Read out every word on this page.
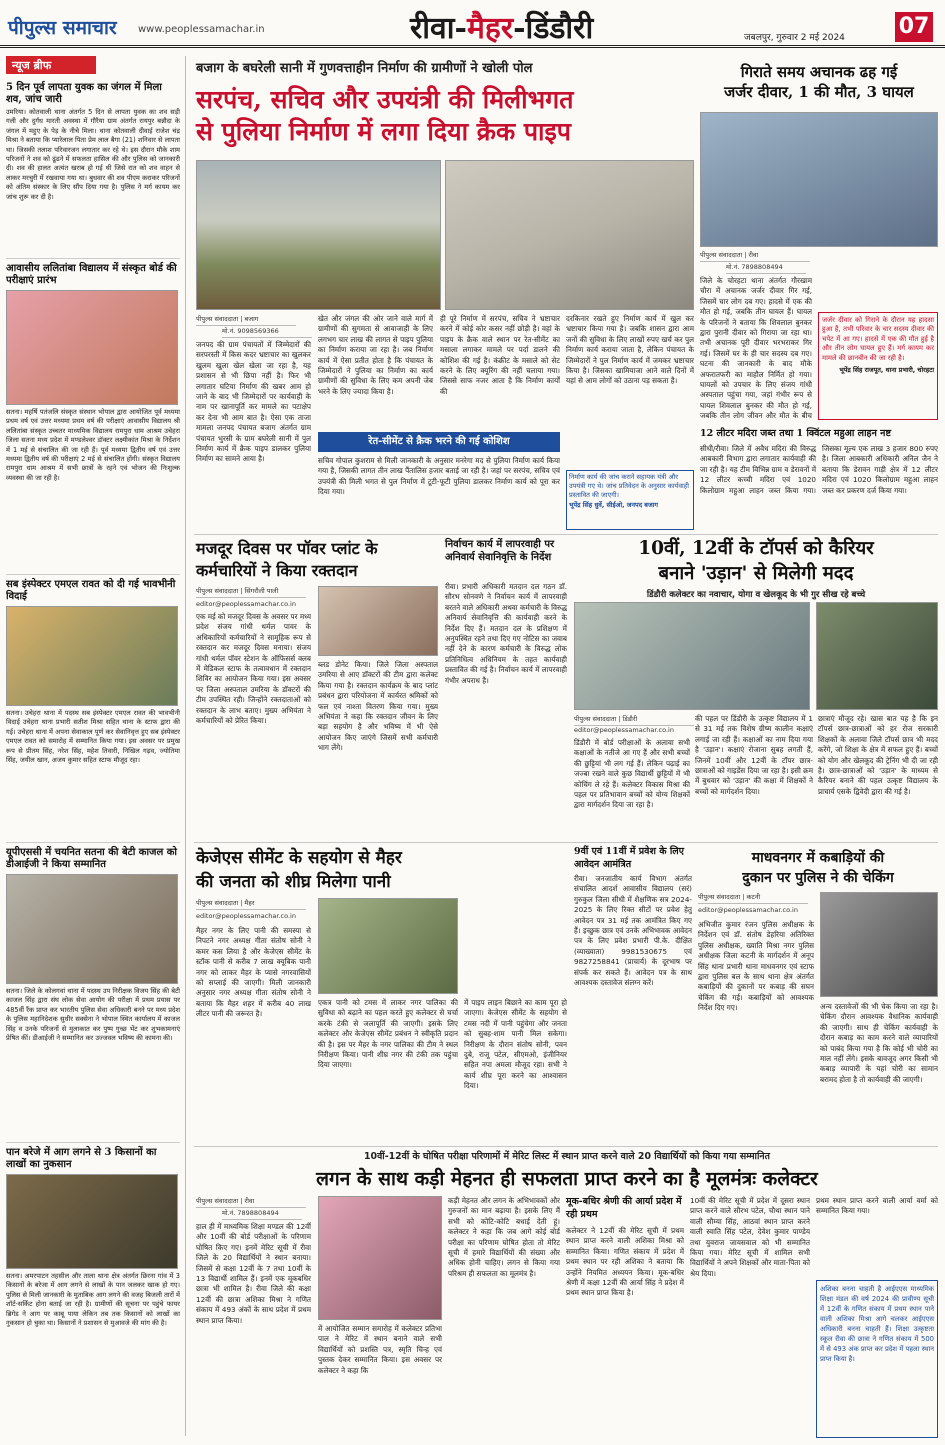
पीपुल्स समाचार www.peoplessamachar.in	रीवा-मैहर-डिंडौरी	जबलपुर, गुरुवार 2 मई 2024 07
न्यूज ब्रीफ
5 दिन पूर्व लापता युवक का जंगल में मिला शव, जांच जारी
उमरिया। कोतवाली थाना अंतर्गत 5 दिन से लापता युवक का शव सड़ी गली और दुर्गंध मारती अवस्था में गौरैया ग्राम अंतर्गत रायपुर बन्नौदा के जंगल में महुए के पेड़ के नीचे मिला। थाना कोतवाली दीवाई राजेश चंद्र मिश्रा ने बताया कि प्यारेलाल पिता प्रेम लाल बैगा (21) शनिवार से लापता था। जिसकी तलाश परिवारजन लगातार कर रहे थे। इस दौरान मौके शाम परिजनों ने शव को ढूंढने में सफलता हासिल की और पुलिस को जानकारी दी। शव की हालत अत्यंत खराब हो गई थी जिसे रात को शव वाहन से लाकर मरचुरी में रखवाया गया था। बुधवार की शव पीएम कराकर परिजनों को अंतिम संस्कार के लिए सौंप दिया गया है। पुलिस ने मर्ग कायम कर जांच शुरू कर दी है।
आवासीय ललितांबा विद्यालय में संस्कृत बोर्ड की परीक्षाएं प्रारंभ
सतना। महर्षि पतंजलि संस्कृत संस्थान भोपाल द्वारा आयोजित पूर्व मध्यमा प्रथम वर्ष एवं उत्तर मध्यमा प्रथम वर्ष की परीक्षाएं आवासीय विद्यालय श्री ललितांबा संस्कृत उच्चतर माध्यमिक विद्यालय रामपुरा धाम आश्रम उचेहरा जिला सतना मध्य प्रदेश में मण्डलेश्वर डॉक्टर लक्ष्मीकांत मिश्रा के निर्देशन में 1 मई से संचालित की जा रही हैं। पूर्व मध्यमा द्वितीय वर्ष एवं उत्तर मध्यमा द्वितीय वर्ष की परीक्षाएं 2 मई से संचालित होंगी। संस्कृत विद्यालय रामपुरा धाम आश्रम में सभी छात्रों के रहने एवं भोजन की निःशुल्क व्यवस्था की जा रही है।
सब इंस्पेक्टर एमएल रावत को दी गई भावभीनी विदाई
सतना। उचेहरा थाना में पदस्थ सब इंस्पेक्टर एमएल रावत की भावभीनी विदाई उचेहरा थाना प्रभारी सतीश मिश्रा सहित थाना के स्टाफ द्वारा की गई। उचेहरा थाना में अपना सेवाकाल पूर्ण कर सेवानिवृत्त हुए सब इंस्पेक्टर एमएल रावत को समारोह में सम्मानित किया गया। इस अवसर पर प्रमुख रूप से प्रीतम सिंह, नरेश सिंह, महेश तिवारी, निखिल गढ़व, ज्योतिमा सिंह, जयील खान, अजय कुमार सहित स्टाफ मौजूद रहा।
यूपीएससी में चयनित सतना की बेटी काजल को डीआईजी ने किया सम्मानित
सतना। जिले के कोलगवां थाना में पदस्थ उप निरीक्षक विजय सिंह की बेटी काजल सिंह द्वारा संघ लोक सेवा आयोग की परीक्षा में प्रथम प्रयास पर 485वीं रैंक प्राप्त कर भारतीय पुलिस सेवा अधिकारी बनने पर मध्य प्रदेश के पुलिस महानिदेशक सुधीर सक्सेना ने भोपाल स्थित कार्यालय में काजल सिंह व उनके परिजनों से मुलाकात कर पुष्प गुच्छ भेंट कर शुभकामनाएं प्रेषित कीं। डीआईजी ने सम्मानित कर उज्जवल भविष्य की कामना की।
पान बरेजे में आग लगने से 3 किसानों का लाखों का नुकसान
सतना। अमरपाटन तहसील और ताला थाना क्षेत्र अंतर्गत छिरना गांव में 3 किसानों के बरेजा में आग लगने से लाखों के पान जलकर खाक हो गए। पुलिस से मिली जानकारी के मुताबिक आग लगने की वजह बिजली तारों में शॉर्ट-सर्किट होना बताई जा रही है। ग्रामीणों की सूचना पर पहुंचे फायर ब्रिगेड ने आग पर काबू पाया लेकिन तब तक किसानों को लाखों का नुकसान हो चुका था। किसानों ने प्रशासन से मुआवजे की मांग की है।
बजाग के बघरेली सानी में गुणवत्ताहीन निर्माण की ग्रामीणों ने खोली पोल
सरपंच, सचिव और उपयंत्री की मिलीभगत
से पुलिया निर्माण में लगा दिया क्रैक पाइप
पीपुल्स संवाददाता | बजाग
मो.नं. 9098569366
जनपद की ग्राम पंचायतों में जिम्मेदारों की सरपरस्ती में किस कदर भ्रष्टाचार का खुलकर खुलम खुला खेल खेला जा रहा है, यह प्रशासन से भी छिपा नहीं है। फिर भी लगातार घटिया निर्माण की खबर आम हो जाने के बाद भी जिम्मेदारों पर कार्यवाही के नाम पर खानापूर्ति कर मामले का पटाक्षेप कर देना भी आम बात है। ऐसा एक ताजा मामला जनपद पंचायत बजाग अंतर्गत ग्राम पंचायत भुरसी के ग्राम बघरेली सानी में पुल निर्माण कार्य में क्रैक पाइप डालकर पुलिया निर्माण का सामने आया है।
खेत और जंगल की ओर जाने वाले मार्ग में ग्रामीणों की सुगमता से आवाजाही के लिए लगभग चार लाख की लागत से पाइप पुलिया का निर्माण कराया जा रहा है। जब निर्माण कार्य में ऐसा प्रतीत होता है कि पंचायत के जिम्मेदारों ने पुलिया का निर्माण का कार्य ग्रामीणों की सुविधा के लिए कम अपनी जेब भरने के लिए ज्यादा किया है।
ही पूरे निर्माण में सरपंच, सचिव ने भ्रष्टाचार करने में कोई कोर कसर नहीं छोड़ी है। वहां के पाइप के क्रैक वाले स्थान पर रेत-सीमेंट का मसाला लगाकर मामले पर पर्दा डालने की कोशिश की गई है। कंक्रीट के मसाले को सेट करने के लिए क्यूरिंग की नहीं चलाया गया। जिससे साफ नजर आता है कि निर्माण कार्यों की
दरकिनार रखते हुए निर्माण कार्य में खुल कर भ्रष्टाचार किया गया है। जबकि शासन द्वारा आम जनों की सुविधा के लिए लाखों रुपए खर्च कर पुल निर्माण कार्य कराया जाता है, लेकिन पंचायत के जिम्मेदारों ने पुल निर्माण कार्य में जमकर भ्रष्टाचार किया है। जिसका खामियाजा आने वाले दिनों में यहां से आम लोगों को उठाना पड़ सकता है।
रेत-सीमेंट से क्रैक भरने की गई कोशिश
सचिव गोपाल कुशराम से मिली जानकारी के अनुसार मनरेगा मद से पुलिया निर्माण कार्य किया गया है, जिसकी लागत तीन लाख पैंतालिस हजार बताई जा रही है। जहां पर सरपंच, सचिव एवं उपयंत्री की मिली भगत से पुल निर्माण में टूटी-फूटी पुलिया डालकर निर्माण कार्य को पूरा कर दिया गया।
निर्माण कार्य की जांच कराने सहायक यंत्री और उपयंत्री गए थे। जांच प्रतिवेदन के अनुसार कार्यवाही प्रस्तावित की जाएगी।
भूपेंद्र सिंह धुर्वे, सीईओ, जनपद बजाग
गिराते समय अचानक ढह गई
जर्जर दीवार, 1 की मौत, 3 घायल
पीपुल्स संवाददाता | रीवा
मो.नं. 7898808494
जिले के चोरहटा थाना अंतर्गत गौरखाम चौरा में अचानक जर्जर दीवार गिर गई, जिसमें चार लोग दब गए। हादसे में एक की मौत हो गई, जबकि तीन घायल हैं। घायल के परिजनों ने बताया कि शिवलाल बुनकर द्वारा पुरानी दीवार को गिराया जा रहा था। तभी अचानक पूरी दीवार भरभराकर गिर गई। जिसमें घर के ही चार सदस्य दब गए। घटना की जानकारी के बाद मौके अफरातफरी का माहौल निर्मित हो गया। घायलों को उपचार के लिए संजय गांधी अस्पताल पहुंचा गया, जहां गंभीर रूप से घायल शिवलाल बुनकर की मौत हो गई, जबकि तीन लोग जीवन और मौत के बीच
जर्जर दीवार को गिराने के दौरान यह हादसा हुआ है, तभी परिवार के चार सदस्य दीवार की चपेट में आ गए। हादसे में एक की मौत हुई है और तीन लोग घायल हुए हैं। मर्ग कायम कर मामले की छानबीन की जा रही है।
भूपेंद्र सिंह राजपूत, थाना प्रभारी, चोरहटा
12 लीटर मदिरा जब्त तथा 1 क्विंटल महुआ लाहन नष्ट
सीधी/रीवा। जिले में अवैध मदिरा की विरुद्ध आबकारी विभाग द्वारा लगातार कार्यवाही की जा रही है। यह टीम विभिन्न ग्राम व डेरावनों में 12 लीटर कच्ची मदिरा एवं 1020 किलोग्राम महुआ लाहन जब्त किया गया। जिसका मूल्य एक लाख 3 हजार 800 रुपए है। जिला आबकारी अधिकारी अनिल जैन ने बताया कि डेरावन गाड़ी क्षेत्र में 12 लीटर मदिरा एवं 1020 किलोग्राम महुआ लाहन जब्त कर प्रकरण दर्ज किया गया।
मजदूर दिवस पर पॉवर प्लांट के
कर्मचारियों ने किया रक्तदान
पीपुल्स संवाददाता | सिंगरौली पाली
editor@peoplessamachar.co.in
एक मई को मजदूर दिवस के अवसर पर मध्य प्रदेश संजय गांधी थर्मल पावर के अधिकारियों कर्मचारियों ने सामूहिक रूप से रक्तदान कर मजदूर दिवस मनाया। संजय गांधी थर्मल पॉवर स्टेशन के ऑफिसर्स क्लब में मेडिकल स्टाफ के तत्वावधान में रक्तदान शिविर का आयोजन किया गया। इस अवसर पर जिला अस्पताल उमरिया के डॉक्टरों की टीम उपस्थित रही। जिन्होंने रक्तदाताओं को रक्तदान के लाभ बताए। मुख्य अभियंता ने कर्मचारियों को प्रेरित किया।
ब्लड डोनेट किया। जिले जिला अस्पताल उमरिया से आए डॉक्टरों की टीम द्वारा कलेक्ट किया गया है। रक्तदान कार्यक्रम के बाद प्लांट प्रबंधन द्वारा परियोजना में कार्यरत श्रमिकों को फल एवं नाश्ता वितरण किया गया। मुख्य अभियंता ने कहा कि रक्तदान जीवन के लिए बड़ा सहयोग है और भविष्य में भी ऐसे आयोजन किए जाएंगे जिसमें सभी कर्मचारी भाग लेंगे।
निर्वाचन कार्य में लापरवाही पर अनिवार्य सेवानिवृत्ति के निर्देश
रीवा। प्रभारी अधिकारी मतदान दल गठन डॉ. सौरभ सोनवणे ने निर्वाचन कार्य में लापरवाही बरतने वाले अधिकारी अथवा कर्मचारी के विरुद्ध अनिवार्य सेवानिवृत्ति की कार्यवाही करने के निर्देश दिए हैं। मतदान दल के प्रशिक्षण में अनुपस्थित रहने तथा दिए गए नोटिस का जवाब नहीं देने के कारण कर्मचारी के विरुद्ध लोक प्रतिनिधित्व अधिनियम के तहत कार्यवाही प्रस्तावित की गई है। निर्वाचन कार्य में लापरवाही गंभीर अपराध है।
10वीं, 12वीं के टॉपर्स को कैरियर
बनाने 'उड़ान' से मिलेगी मदद
डिंडौरी कलेक्टर का नवाचार, योगा व खेलकूद के भी गुर सीख रहे बच्चे
पीपुल्स संवाददाता | डिंडौरी
editor@peoplessamachar.co.in
डिंडौरी में बोर्ड परीक्षाओं के अलावा सभी कक्षाओं के नतीजे आ गए हैं और सभी बच्चों की छुट्टियां भी लग गई हैं। लेकिन पढ़ाई का जज्बा रखने वाले कुछ विद्यार्थी छुट्टियों में भी कोचिंग ले रहे हैं। कलेक्टर विकास मिश्रा की पहल पर प्रतिभावान बच्चों को योग्य शिक्षकों द्वारा मार्गदर्शन दिया जा रहा है।
की पहल पर डिंडौरी के उत्कृष्ट विद्यालय में 1 से 31 मई तक विशेष ग्रीष्म कालीन कक्षाएं लगाई जा रही हैं। कक्षाओं का नाम दिया गया है 'उड़ान'। कक्षाएं रोजाना सुबह लगती हैं, जिनमें 10वीं और 12वीं के टॉपर छात्र-छात्राओं को गाइडेंस दिया जा रहा है। इसी क्रम में बुधवार को 'उड़ान' की कक्षा में शिक्षकों ने बच्चों को मार्गदर्शन दिया।
छात्राएं मौजूद रहे। खास बात यह है कि इन टॉपर्स छात्र-छात्राओं को हर रोज सरकारी शिक्षकों के अलावा जिले टॉपर्स छात्र भी मदद करेंगे, जो शिक्षा के क्षेत्र में सफल हुए हैं। बच्चों को योग और खेलकूद की ट्रेनिंग भी दी जा रही है। छात्र-छात्राओं को 'उड़ान' के माध्यम से कैरियर बनाने की पहल उत्कृष्ट विद्यालय के प्राचार्य एसके द्विवेदी द्वारा की गई है।
केजेएस सीमेंट के सहयोग से मैहर
की जनता को शीघ्र मिलेगा पानी
पीपुल्स संवाददाता | मैहर
editor@peoplessamachar.co.in
मैहर नगर के लिए पानी की समस्या से निपटने नगर अध्यक्ष गीता संतोष सोनी ने कमर कस लिया है और केजेएस सीमेंट के स्टॉक पानी से करीब 7 लाख क्यूबिक पानी नगर को लाकर मैहर के प्यासे नगरवासियों को सप्लाई की जाएगी। मिली जानकारी अनुसार नगर अध्यक्ष गीता संतोष सोनी ने बताया कि मैहर शहर में करीब 40 लाख लीटर पानी की जरूरत है।
एकत्र पानी को टमस में लाकर नगर पालिका की सुविधा को बढ़ाने का पहल करते हुए कलेक्टर से चर्चा करके टंकी से जलापूर्ति की जाएगी। इसके लिए कलेक्टर और केजेएस सीमेंट प्रबंधन ने स्वीकृति प्रदान की है। इस पर मैहर के नगर पालिका की टीम ने स्थल निरीक्षण किया। पानी शीघ्र नगर की टंकी तक पहुंचा दिया जाएगा।
में पाइप लाइन बिछाने का काम पूरा हो जाएगा। केजेएस सीमेंट के सहयोग से टमस नदी में पानी पहुंचेगा और जनता को सुबह-शाम पानी मिल सकेगा। निरीक्षण के दौरान संतोष सोनी, पवन दुबे, राजू पटेल, सीएमओ, इंजीनियर सहित नपा अमला मौजूद रहा। सभी ने कार्य शीघ्र पूरा करने का आश्वासन दिया।
9वीं एवं 11वीं में प्रवेश के लिए आवेदन आमंत्रित
रीवा। जनजातीय कार्य विभाग अंतर्गत संचालित आदर्श आवासीय विद्यालय (सरं) गुरुकुल जिला सीधी में शैक्षणिक सत्र 2024-2025 के लिए रिक्त सीटों पर प्रवेश हेतु आवेदन पत्र 31 मई तक आमंत्रित किए गए हैं। इच्छुक छात्र एवं उनके अभिभावक आवेदन पत्र के लिए प्रवेश प्रभारी पी.के. दीक्षित (व्याख्याता) 9981530675 एवं 9827258841 (प्राचार्य) के दूरभाष पर संपर्क कर सकते हैं। आवेदन पत्र के साथ आवश्यक दस्तावेज संलग्न करें।
माधवनगर में कबाड़ियों की
दुकान पर पुलिस ने की चेकिंग
पीपुल्स संवाददाता | कटनी
editor@peoplessamachar.co.in
अभिजीत कुमार रंजन पुलिस अधीक्षक के निर्देशन एवं डॉ. संतोष डेहरिया अतिरिक्त पुलिस अधीक्षक, ख्याति मिश्रा नगर पुलिस अधीक्षक जिला कटनी के मार्गदर्शन में अनूप सिंह थाना प्रभारी थाना माधवनगर एवं स्टाफ द्वारा पुलिस बल के साथ थाना क्षेत्र अंतर्गत कबाड़ियों की दुकानों पर कबाड़ की सघन चेकिंग की गई। कबाड़ियों को आवश्यक निर्देश दिए गए।	अन्य दस्तावेजों की भी चेक किया जा रहा है। चेकिंग दौरान आवश्यक वैधानिक कार्यवाही की जाएगी। साथ ही चेकिंग कार्यवाही के दौरान कबाड़ का काम करने वाले व्यापारियों को पाबंद किया गया है कि कोई भी चोरी का माल नहीं लेंगे। इसके बावजूद अगर किसी भी कबाड़ व्यापारी के यहां चोरी का सामान बरामद होता है तो कार्यवाही की जाएगी।
10वीं-12वीं के घोषित परीक्षा परिणामों में मेरिट लिस्ट में स्थान प्राप्त करने वाले 20 विद्यार्थियों को किया गया सम्मानित
लगन के साथ कड़ी मेहनत ही सफलता प्राप्त करने का है मूलमंत्रः कलेक्टर
पीपुल्स संवाददाता | रीवा
मो.नं. 7898808494
हाल ही में माध्यमिक शिक्षा मण्डल की 12वीं और 10वीं की बोर्ड परीक्षाओं के परिणाम घोषित किए गए। इनमें मेरिट सूची में रीवा जिले के 20 विद्यार्थियों ने स्थान बनाया। जिसमें से कक्षा 12वीं के 7 तथा 10वीं के 13 विद्यार्थी शामिल हैं। इनमें एक मूकबधिर छात्रा भी शामिल है। रीवा जिले की कक्षा 12वीं की छात्रा अशिका मिश्रा ने गणित संकाय में 493 अंकों के साथ प्रदेश में प्रथम स्थान प्राप्त किया।
में आयोजित सम्मान समारोह में कलेक्टर प्रतिभा पाल ने मेरिट में स्थान बनाने वाले सभी विद्यार्थियों को प्रशस्ति पत्र, स्मृति चिन्ह एवं पुस्तक देकर सम्मानित किया। इस अवसर पर कलेक्टर ने कहा कि
कड़ी मेहनत और लगन के अभिभावकों और गुरुजनों का मान बढ़ाया है। इसके लिए मैं सभी को कोटि-कोटि बधाई देती हूं। कलेक्टर ने कहा कि जब आगे कोई बोर्ड परीक्षा का परिणाम घोषित होता तो मेरिट सूची में हमारे विद्यार्थियों की संख्या और अधिक होनी चाहिए। लगन से किया गया परिश्रम ही सफलता का मूलमंत्र है।
मूक-बधिर श्रेणी की आर्या प्रदेश में रही प्रथम
कलेक्टर ने 12वीं की मेरिट सूची में प्रथम स्थान प्राप्त करने वाली अशिका मिश्रा को सम्मानित किया। गणित संकाय में प्रदेश में प्रथम स्थान पर रही अशिका ने बताया कि उन्होंने नियमित अध्ययन किया। मूक-बधिर श्रेणी में कक्षा 12वीं की आर्या सिंह ने प्रदेश में प्रथम स्थान प्राप्त किया है।
10वीं की मेरिट सूची में प्रदेश में दूसरा स्थान प्राप्त करने वाले सौरभ पटेल, चौथा स्थान पाने वाली सौम्या सिंह, आठवां स्थान प्राप्त करने वाली स्वाति सिंह पटेल, देवेश कुमार पाण्डेय तथा युवराज जायसवाल को भी सम्मानित किया गया। मेरिट सूची में शामिल सभी विद्यार्थियों ने अपने शिक्षकों और माता-पिता को श्रेय दिया।
प्रथम स्थान प्राप्त करने वाली आर्या वर्मा को सम्मानित किया गया।
अशिका बनना चाहती है आईएएस माध्यमिक शिक्षा मंडल की वर्ष 2024 की प्रावीण्य सूची में 12वीं के गणित संकाय में प्रथम स्थान पाने वाली अशिका मिश्रा आगे चलकर आईएएस अधिकारी बनना चाहती हैं। शिक्षा उत्कृष्टता स्कूल रीवा की छात्रा ने गणित संकाय में 500 में से 493 अंक प्राप्त कर प्रदेश में पहला स्थान प्राप्त किया है।
